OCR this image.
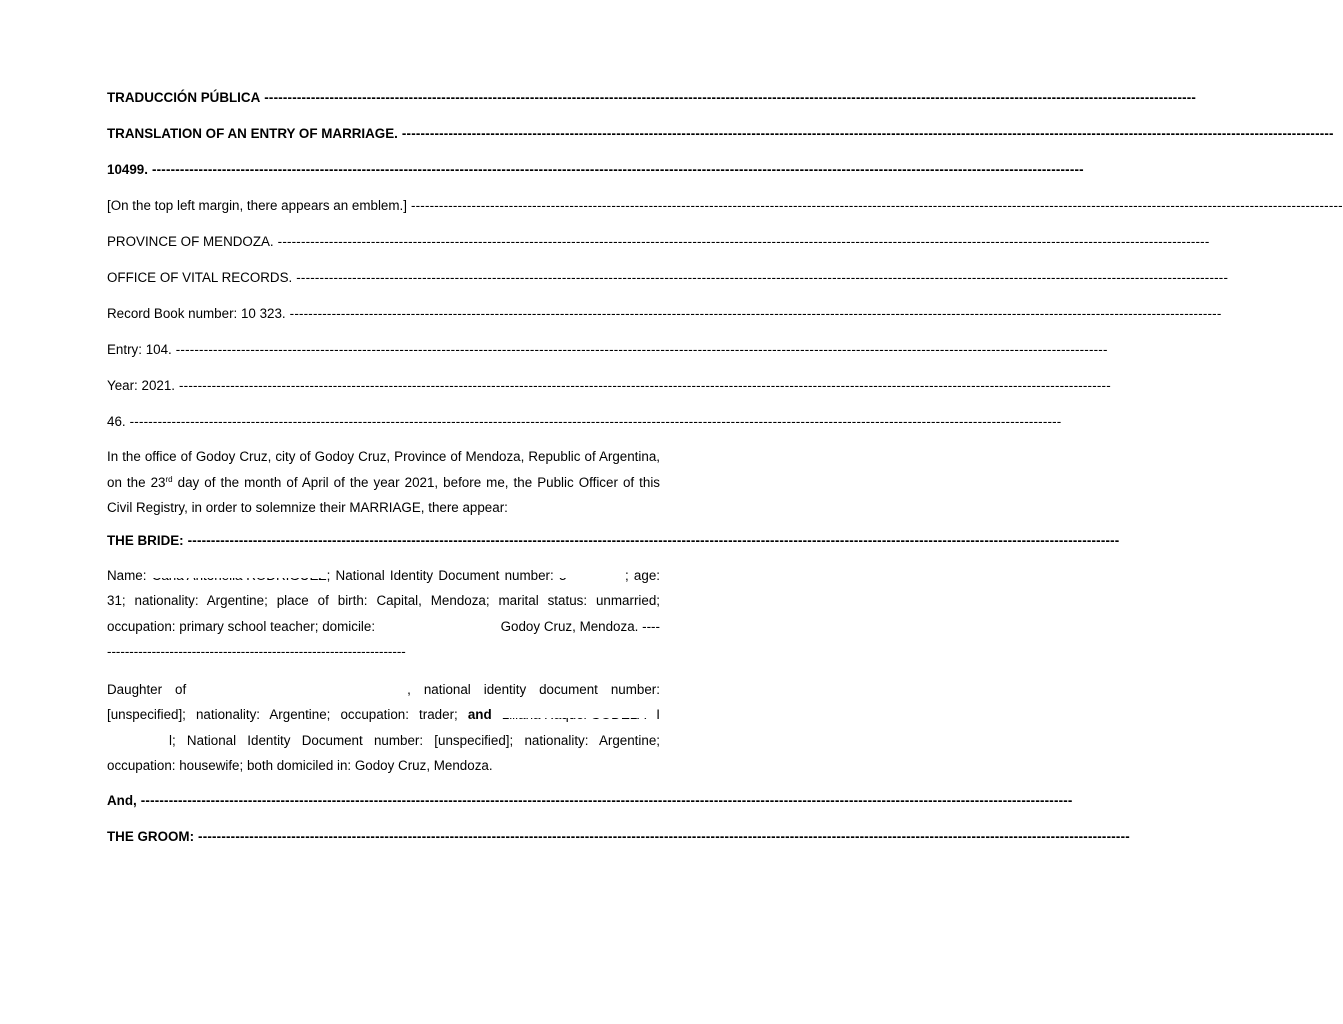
TRADUCCIÓN PÚBLICA --------------------------------------------------------------------------------------------------------------------------------------------------------------------------------------------------------
TRANSLATION OF AN ENTRY OF MARRIAGE. --------------------------------------------------------------------------------------------------------------------------------------------------------------------------------------------------------
10499. --------------------------------------------------------------------------------------------------------------------------------------------------------------------------------------------------------
[On the top left margin, there appears an emblem.] --------------------------------------------------------------------------------------------------------------------------------------------------------------------------------------------------------
PROVINCE OF MENDOZA. --------------------------------------------------------------------------------------------------------------------------------------------------------------------------------------------------------
OFFICE OF VITAL RECORDS. --------------------------------------------------------------------------------------------------------------------------------------------------------------------------------------------------------
Record Book number: 10 323. --------------------------------------------------------------------------------------------------------------------------------------------------------------------------------------------------------
Entry: 104. --------------------------------------------------------------------------------------------------------------------------------------------------------------------------------------------------------
Year: 2021. --------------------------------------------------------------------------------------------------------------------------------------------------------------------------------------------------------
46. --------------------------------------------------------------------------------------------------------------------------------------------------------------------------------------------------------
In the office of Godoy Cruz, city of Godoy Cruz, Province of Mendoza, Republic of Argentina, on the 23rd day of the month of April of the year 2021, before me, the Public Officer of this Civil Registry, in order to solemnize their MARRIAGE, there appear:
THE BRIDE: --------------------------------------------------------------------------------------------------------------------------------------------------------------------------------------------------------
Name:	; National Identity Document number:	; age: 31; nationality: Argentine; place of birth: Capital, Mendoza; marital status: unmarried; occupation: primary school teacher; domicile:	Godoy Cruz, Mendoza. -----------------------------------------------------------------------
Daughter of	, national identity document number: [unspecified]; nationality: Argentine; occupation: trader; and	I l; National Identity Document number: [unspecified]; nationality: Argentine; occupation: housewife; both domiciled in: Godoy Cruz, Mendoza.
And, --------------------------------------------------------------------------------------------------------------------------------------------------------------------------------------------------------
THE GROOM: --------------------------------------------------------------------------------------------------------------------------------------------------------------------------------------------------------
